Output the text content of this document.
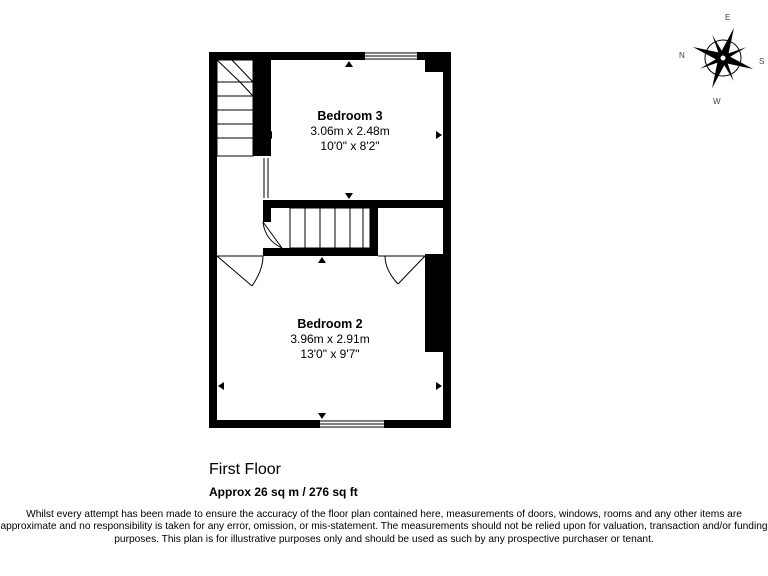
N
E
S
W
Bedroom 3
3.06m x 2.48m
10'0" x 8'2"
Bedroom 2
3.96m x 2.91m
13'0" x 9'7"
First Floor
Approx 26 sq m / 276 sq ft
Whilst every attempt has been made to ensure the accuracy of the floor plan contained here, measurements of doors, windows, rooms and any other items are approximate and no responsibility is taken for any error, omission, or mis-statement. The measurements should not be relied upon for valuation, transaction and/or funding purposes. This plan is for illustrative purposes only and should be used as such by any prospective purchaser or tenant.
